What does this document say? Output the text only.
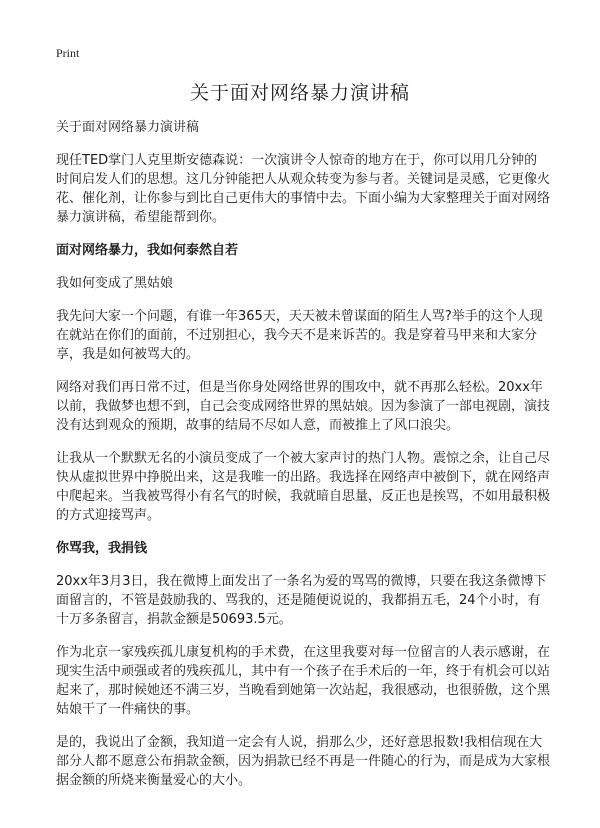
Print
关于面对网络暴力演讲稿

关于面对网络暴力演讲稿

现任TED掌门人克里斯安德森说：一次演讲令人惊奇的地方在于，你可以用几分钟的时间启发人们的思想。这几分钟能把人从观众转变为参与者。关键词是灵感，它更像火花、催化剂，让你参与到比自己更伟大的事情中去。下面小编为大家整理关于面对网络暴力演讲稿，希望能帮到你。

面对网络暴力，我如何泰然自若

我如何变成了黑姑娘

我先问大家一个问题，有谁一年365天，天天被未曾谋面的陌生人骂?举手的这个人现在就站在你们的面前，不过别担心，我今天不是来诉苦的。我是穿着马甲来和大家分享，我是如何被骂大的。

网络对我们再日常不过，但是当你身处网络世界的围攻中，就不再那么轻松。20xx年以前，我做梦也想不到，自己会变成网络世界的黑姑娘。因为参演了一部电视剧，演技没有达到观众的预期，故事的结局不尽如人意，而被推上了风口浪尖。

让我从一个默默无名的小演员变成了一个被大家声讨的热门人物。震惊之余，让自己尽快从虚拟世界中挣脱出来，这是我唯一的出路。我选择在网络声中被倒下，就在网络声中爬起来。当我被骂得小有名气的时候，我就暗自思量，反正也是挨骂，不如用最积极的方式迎接骂声。

你骂我，我捐钱

20xx年3月3日，我在微博上面发出了一条名为爱的骂骂的微博，只要在我这条微博下面留言的，不管是鼓励我的、骂我的，还是随便说说的，我都捐五毛，24个小时，有十万多条留言，捐款金额是50693.5元。

作为北京一家残疾孤儿康复机构的手术费，在这里我要对每一位留言的人表示感谢，在现实生活中顽强或者的残疾孤儿，其中有一个孩子在手术后的一年，终于有机会可以站起来了，那时候她还不满三岁，当晚看到她第一次站起，我很感动，也很骄傲，这个黑姑娘干了一件痛快的事。

是的，我说出了金额，我知道一定会有人说，捐那么少，还好意思报数!我相信现在大部分人都不愿意公布捐款金额，因为捐款已经不再是一件随心的行为，而是成为大家根据金额的所烧来衡量爱心的大小。
